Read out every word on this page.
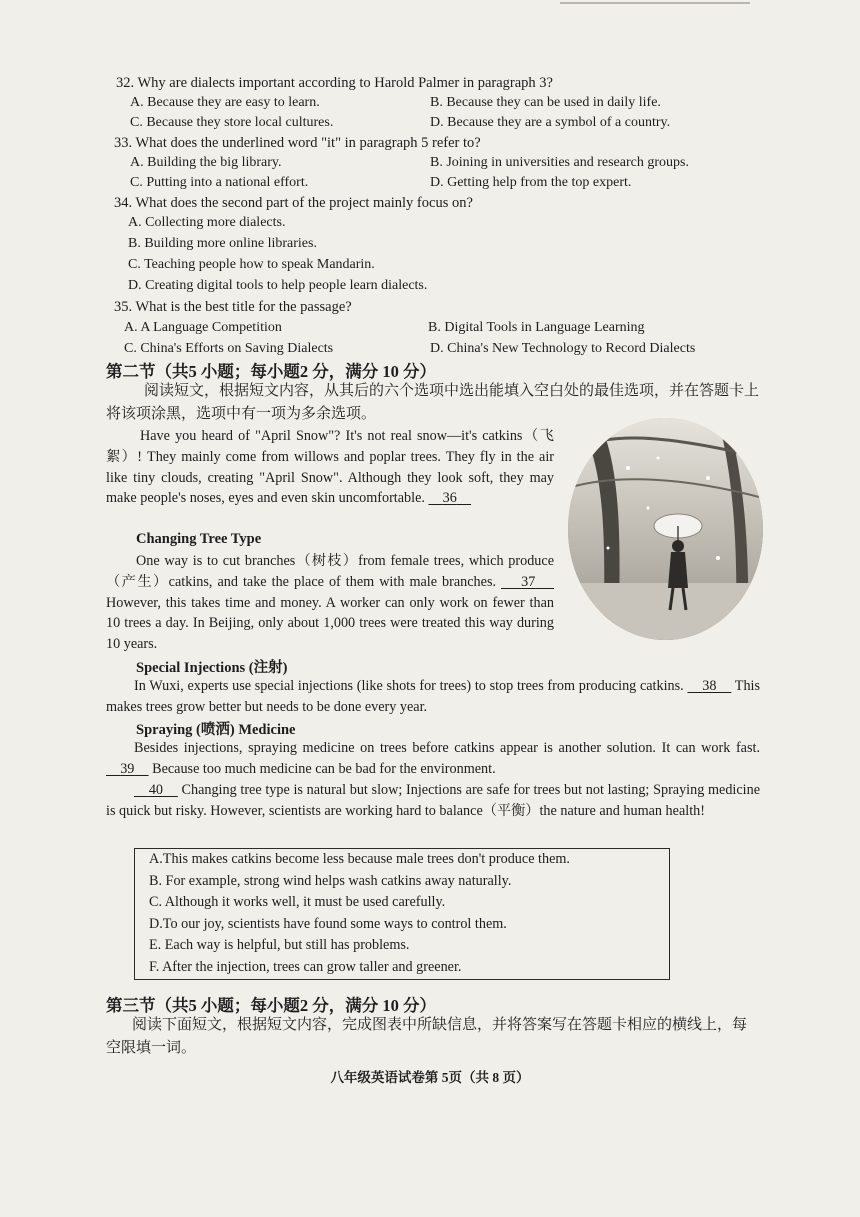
32. Why are dialects important according to Harold Palmer in paragraph 3?
A. Because they are easy to learn.	B. Because they can be used in daily life.
C. Because they store local cultures.	D. Because they are a symbol of a country.
33. What does the underlined word "it" in paragraph 5 refer to?
A. Building the big library.	B. Joining in universities and research groups.
C. Putting into a national effort.	D. Getting help from the top expert.
34. What does the second part of the project mainly focus on?
A. Collecting more dialects.
B. Building more online libraries.
C. Teaching people how to speak Mandarin.
D. Creating digital tools to help people learn dialects.
35. What is the best title for the passage?
A. A Language Competition	B. Digital Tools in Language Learning
C. China's Efforts on Saving Dialects	D. China's New Technology to Record Dialects
第二节（共5 小题；每小题2 分，满分 10 分）
阅读短文，根据短文内容，从其后的六个选项中选出能填入空白处的最佳选项，并在答题卡上将该项涂黑，选项中有一项为多余选项。
Have you heard of "April Snow"? It's not real snow—it's catkins（飞絮）! They mainly come from willows and poplar trees. They fly in the air like tiny clouds, creating "April Snow". Although they look soft, they may make people's noses, eyes and even skin uncomfortable. 36
Changing Tree Type
One way is to cut branches（树枝）from female trees, which produce（产生）catkins, and take the place of them with male branches. 37     However, this takes time and money. A worker can only work on fewer than 10 trees a day. In Beijing, only about 1,000 trees were treated this way during 10 years.
Special Injections (注射)
In Wuxi, experts use special injections (like shots for trees) to stop trees from producing catkins. 38 This makes trees grow better but needs to be done every year.
Spraying (喷洒) Medicine
Besides injections, spraying medicine on trees before catkins appear is another solution. It can work fast.     39 Because too much medicine can be bad for the environment.
40 Changing tree type is natural but slow; Injections are safe for trees but not lasting; Spraying medicine is quick but risky. However, scientists are working hard to balance（平衡）the nature and human health!
A.This makes catkins become less because male trees don't produce them.
B. For example, strong wind helps wash catkins away naturally.
C. Although it works well, it must be used carefully.
D.To our joy, scientists have found some ways to control them.
E. Each way is helpful, but still has problems.
F. After the injection, trees can grow taller and greener.
第三节（共5 小题；每小题2 分，满分 10 分）
阅读下面短文，根据短文内容，完成图表中所缺信息，并将答案写在答题卡相应的横线上，每空限填一词。
八年级英语试卷第 5页（共 8 页）
